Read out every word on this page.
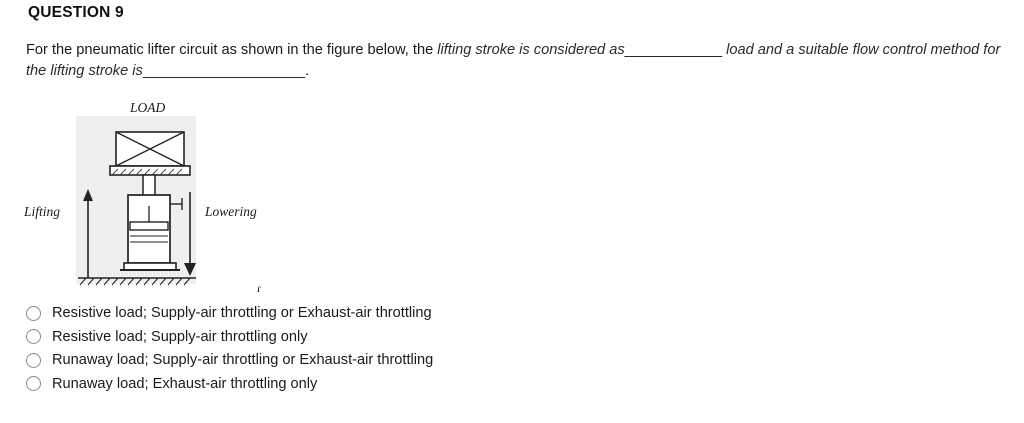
QUESTION 9
For the pneumatic lifter circuit as shown in the figure below, the lifting stroke is considered as____________ load and a suitable flow control method for the lifting stroke is____________________.
LOAD
Lifting	Lowering
ɾ
Resistive load; Supply-air throttling or Exhaust-air throttling
Resistive load; Supply-air throttling only
Runaway load; Supply-air throttling or Exhaust-air throttling
Runaway load; Exhaust-air throttling only
